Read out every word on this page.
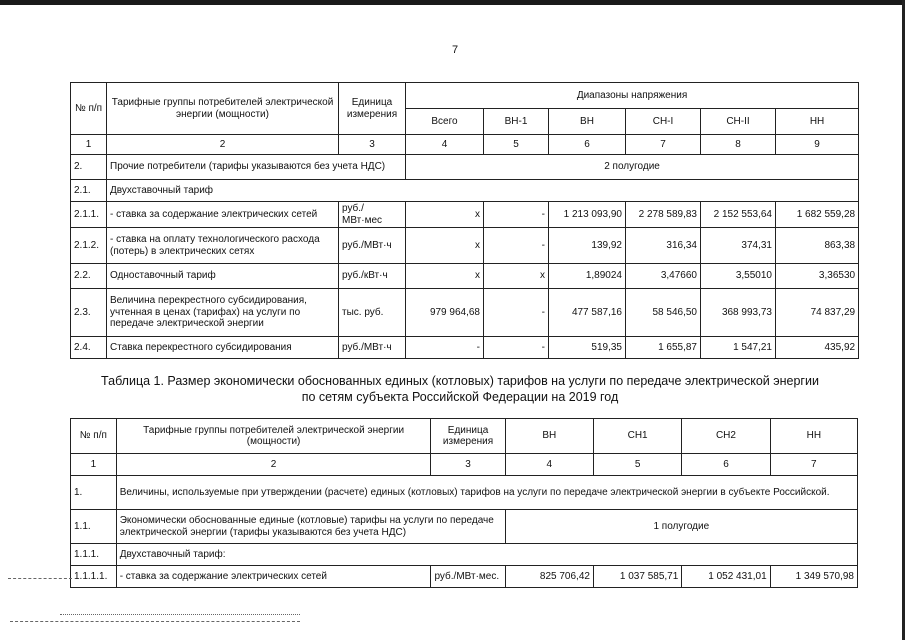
7
№ п/п	Тарифные группы потребителей электрической энергии (мощности)	Единица измерения	Диапазоны напряжения					
			Всего	ВН-1	ВН	СН-I	СН-II	НН
1	2	3	4	5	6	7	8	9
2.	Прочие потребители (тарифы указываются без учета НДС)		2 полугодие					
2.1.	Двухставочный тариф							
2.1.1.	- ставка за содержание электрических сетей	руб./МВт·мес	х	-	1 213 093,90	2 278 589,83	2 152 553,64	1 682 559,28
2.1.2.	- ставка на оплату технологического расхода (потерь) в электрических сетях	руб./МВт·ч	х	-	139,92	316,34	374,31	863,38
2.2.	Одноставочный тариф	руб./кВт·ч	х	х	1,89024	3,47660	3,55010	3,36530
2.3.	Величина перекрестного субсидирования, учтенная в ценах (тарифах) на услуги по передаче электрической энергии	тыс. руб.	979 964,68	-	477 587,16	58 546,50	368 993,73	74 837,29
2.4.	Ставка перекрестного субсидирования	руб./МВт·ч	-	-	519,35	1 655,87	1 547,21	435,92
Таблица 1. Размер экономически обоснованных единых (котловых) тарифов на услуги по передаче электрической энергии
по сетям субъекта Российской Федерации на 2019 год
№ п/п	Тарифные группы потребителей электрической энергии (мощности)	Единица измерения	ВН	СН1	СН2	НН
1	2	3	4	5	6	7
1.	Величины, используемые при утверждении (расчете) единых (котловых) тарифов на услуги по передаче электрической энергии в субъекте Российской.					
1.1.	Экономически обоснованные единые (котловые) тарифы на услуги по передаче электрической энергии (тарифы указываются без учета НДС)		1 полугодие			
1.1.1.	Двухставочный тариф:					
1.1.1.1.	- ставка за содержание электрических сетей	руб./МВт·мес.	825 706,42	1 037 585,71	1 052 431,01	1 349 570,98
